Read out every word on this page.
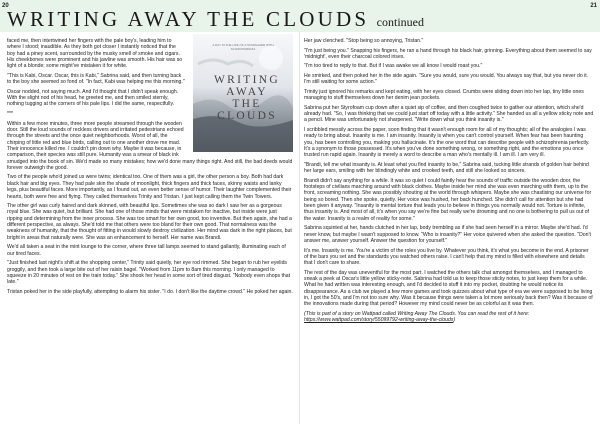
20	21
WRITING AWAY THE CLOUDS continued
A DAY IN THE LIFE OF A STARGAZER WITH SCHIZOPHRENIA
WRITING
AWAY
THE
CLOUDS

faced me, then intertwined her fingers with the pale boy's, leading him to where I stood; inaudible. As they both got closer I instantly noticed that the boy had a piney scent, surrounded by the musky smell of smoke and cigars. His cheekbones were prominent and his jawline was smooth. His hair was so light of a blonde; some might've mistaken it for white.

"This is Kabi, Oscar. Oscar, this is Kabi," Sabrina said, and then turning back to the boy she seemed so fond of. "In fact, Kabi was helping me this morning."

Oscar nodded, not saying much. And I'd thought that I didn't speak enough. With the slight nod of his head, he greeted me, and then smiled sternly, nothing tugging at the corners of his pale lips. I did the same, respectfully.

***

Within a few more minutes, three more people streamed through the wooden door. Still the loud sounds of reckless drivers and irritated pedestrians echoed through the streets and the once quiet neighborhoods. Worst of all, the chirping of little red and blue birds, calling out to one another drove me mad. Their innocence killed me. I couldn't pin down why. Maybe it was because, in comparison, their species was still pure. Humanity was a smear of black ink smudged into the book of sin. We'd made so many mistakes; how we'd done many things right. And still, the bad deeds would forever outweigh the good.

Two of the people who'd joined us were twins; identical too. One of them was a girl, the other person a boy. Both had dark black hair and big eyes. They had pale skin the shade of moonlight, thick fingers and thick faces, skinny waists and lanky legs, plus beautiful faces. More importantly, as I found out, an even better sense of humor. Their laughter complemented their hearts, both were free and flying. They called themselves Trinity and Tristan. I just kept calling them the Twin Towers.

The other girl was curly haired and dark skinned, with beautiful lips. Sometimes she was so dark I saw her as a gorgeous royal blue. She was quiet, but brilliant. She had one of those minds that were mistaken for inactive, but inside were just ripping and determining from the inner process. She was too smart for her own good, too inventive. But then again, she had a different perspective, as always. She'd told me that others were too bland for their own good. That normalness was the weakness of humanity, that the thought of fitting in would slowly destroy civilization. Her mind was dark in the right places, but bright in areas that naturally were. She was an enhancement to herself. Her name was Brandi.

We'd all taken a seat in the mint lounge to the corner, where three tall lamps seemed to stand gallantly, illuminating each of our tired faces.

"Just finished last night's shift at the shopping center," Trinity said quietly, her eye rod rimmed. She began to rub her eyelids groggily, and then took a large bite out of her raisin bagel. "Worked from 11pm to 8am this morning. I only managed to squeeze in 20 minutes of rest on the train today." She shook her head in some sort of tired disgust. "Nobody even shops that late."

Tristan poked her in the side playfully, attempting to alarm his sister. "I do. I don't like the daytime crowd." He poked her again.

Her jaw clenched. "Stop being so annoying, Tristan."

"I'm just being you." Snapping his fingers, he ran a hand through his black hair, grinning. Everything about them seemed to say 'midnight', even their charcoal colored irises.

"I'm too tired to reply to that. But if I was awake we all know I would roast you."

He smirked, and then poked her in the side again. "Sure you would, sure you would. You always say that, but you never do it. I'm still waiting for some action."

Trinity just ignored his remarks and kept eating, with her eyes closed. Crumbs were sliding down into her lap, tiny little ones managing to stuff themselves down her denim jean pockets.

Sabrina put her Styrofoam cup down after a quiet sip of coffee, and then coughed twice to gather our attention, which she'd already had. "So, I was thinking that we could just start off today with a little activity." She handed us all a yellow sticky note and a pencil. Mine was unfortunately not sharpened. "Write down what you think insanity is."

I scribbled messily across the paper, soon finding that it wasn't enough room for all of my thoughts; all of the analogies I was ready to bring about. Insanity is me. I am insanity. Insanity is when you can't control yourself. When fear has been haunting you, has been controlling you, making you hallucinate. It's the one word that can describe people with schizophrenia perfectly. It's a synonym to those possessed. It's when you've done something wrong, or something right, and the emotions you once trusted run rapid again. Insanity is merely a word to describe a man who's mentally ill. I am ill. I am very ill.

"Brandi, tell me what insanity is. At least what you find insanity to be," Sabrina said, tucking little strands of golden hair behind her large ears, smiling with her blindingly white and crooked teeth, and still she looked so sincere.

Brandi didn't say anything for a while. It was so quiet I could faintly hear the sounds of traffic outside the wooden door, the footsteps of civilians marching around with black clothes. Maybe inside her mind she was even marching with them, up to the front, screaming nothing. She was possibly shouting at the world through whispers. Maybe she was chastising our universe for being so bored. Then she spoke, quietly. Her voice was hushed, her back hunched. She didn't call for attention but she had been given it anyway. "Insanity is mental torture that leads you to believe in things you normally would not. Torture is infinite, thus insanity is. And most of all, it's when you say we're fine but really we're drowning and no one is bothering to pull us out of the water. Insanity is a realm of reality for some."

Sabrina squinted at her, hands clutched in her lap, body trembling as if she had seen herself in a mirror. Maybe she'd had. I'd never know, but maybe I wasn't supposed to know. "Who is insanity?" Her voice quivered when she asked the question. "Don't answer me, answer yourself. Answer the question for yourself."

It's me. Insanity is me. You're a victim of the roles you live by. Whatever you think, it's what you become in the end. A prisoner of the bars you set and the standards you watched others raise. I can't help that my mind is filled with elsewhere and details that I don't care to share.

The rest of the day was uneventful for the most part. I watched the others talk chat amongst themselves, and I managed to sneak a peek at Oscar's little yellow sticky-note. Sabrina had told us to keep those sticky notes, to just keep them for a while. What he had written was interesting enough, and I'd decided to stuff it into my pocket, doubting he would notice its disappearance. As a club we played a few more games and took quizzes about what type of era we were supposed to be living in, I got the 50's, and I'm not too sure why. Was it because things were taken a lot more seriously back then? Was it because of the innovations made during that period? However my mind could never be as colorful as it was then.

(This is part of a story on Wattpad called Writing Away The Clouds. You can read the rest of it here: https://www.wattpad.com/story/55099792-writing-away-the-clouds)
